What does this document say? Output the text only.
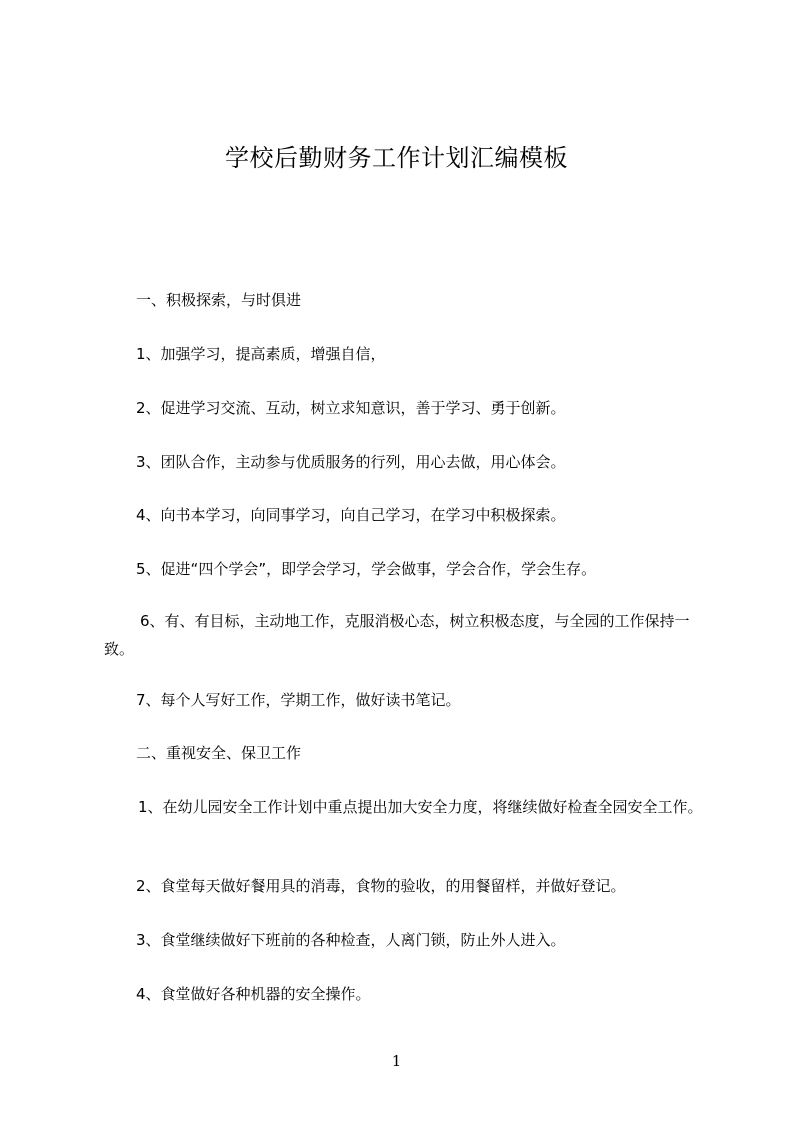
学校后勤财务工作计划汇编模板
一、积极探索，与时俱进
1、加强学习，提高素质，增强自信，
2、促进学习交流、互动，树立求知意识，善于学习、勇于创新。
3、团队合作，主动参与优质服务的行列，用心去做，用心体会。
4、向书本学习，向同事学习，向自己学习，在学习中积极探索。
5、促进“四个学会”，即学会学习，学会做事，学会合作，学会生存。
6、有、有目标，主动地工作，克服消极心态，树立积极态度，与全园的工作保持一致。
7、每个人写好工作，学期工作，做好读书笔记。
二、重视安全、保卫工作
1、在幼儿园安全工作计划中重点提出加大安全力度，将继续做好检查全园安全工作。
2、食堂每天做好餐用具的消毒，食物的验收，的用餐留样，并做好登记。
3、食堂继续做好下班前的各种检查，人离门锁，防止外人进入。
4、食堂做好各种机器的安全操作。
1
